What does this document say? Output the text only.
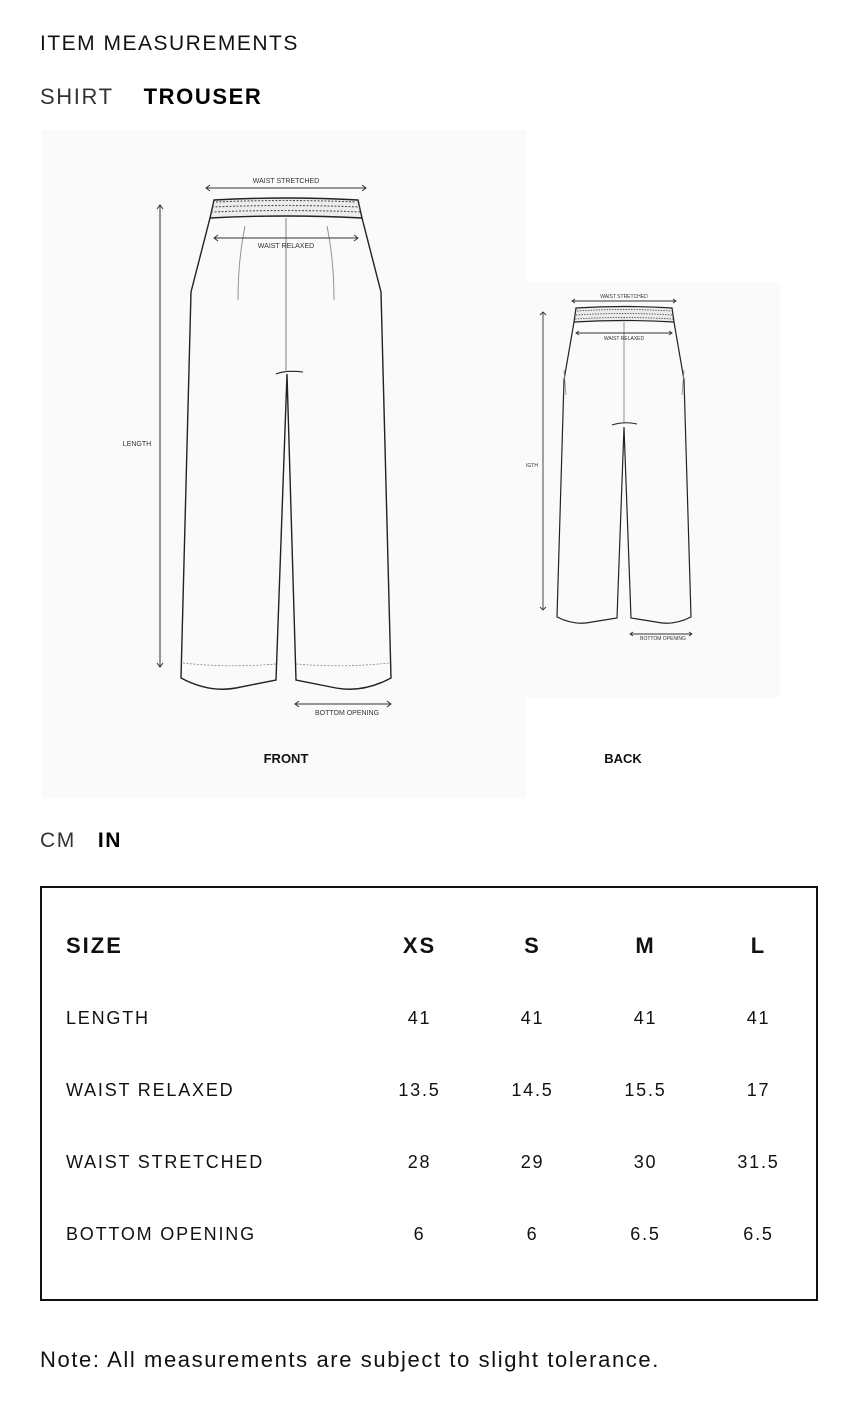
ITEM MEASUREMENTS
SHIRT TROUSER
WAIST STRETCHED
WAIST RELAXED
LENGTH
BOTTOM OPENING
FRONT
WAIST STRETCHED
WAIST RELAXED
IGTH
BOTTOM OPENING
BACK
CM IN
SIZE	XS	S	M	L
LENGTH	41	41	41	41
WAIST RELAXED	13.5	14.5	15.5	17
WAIST STRETCHED	28	29	30	31.5
BOTTOM OPENING	6	6	6.5	6.5
Note: All measurements are subject to slight tolerance.
